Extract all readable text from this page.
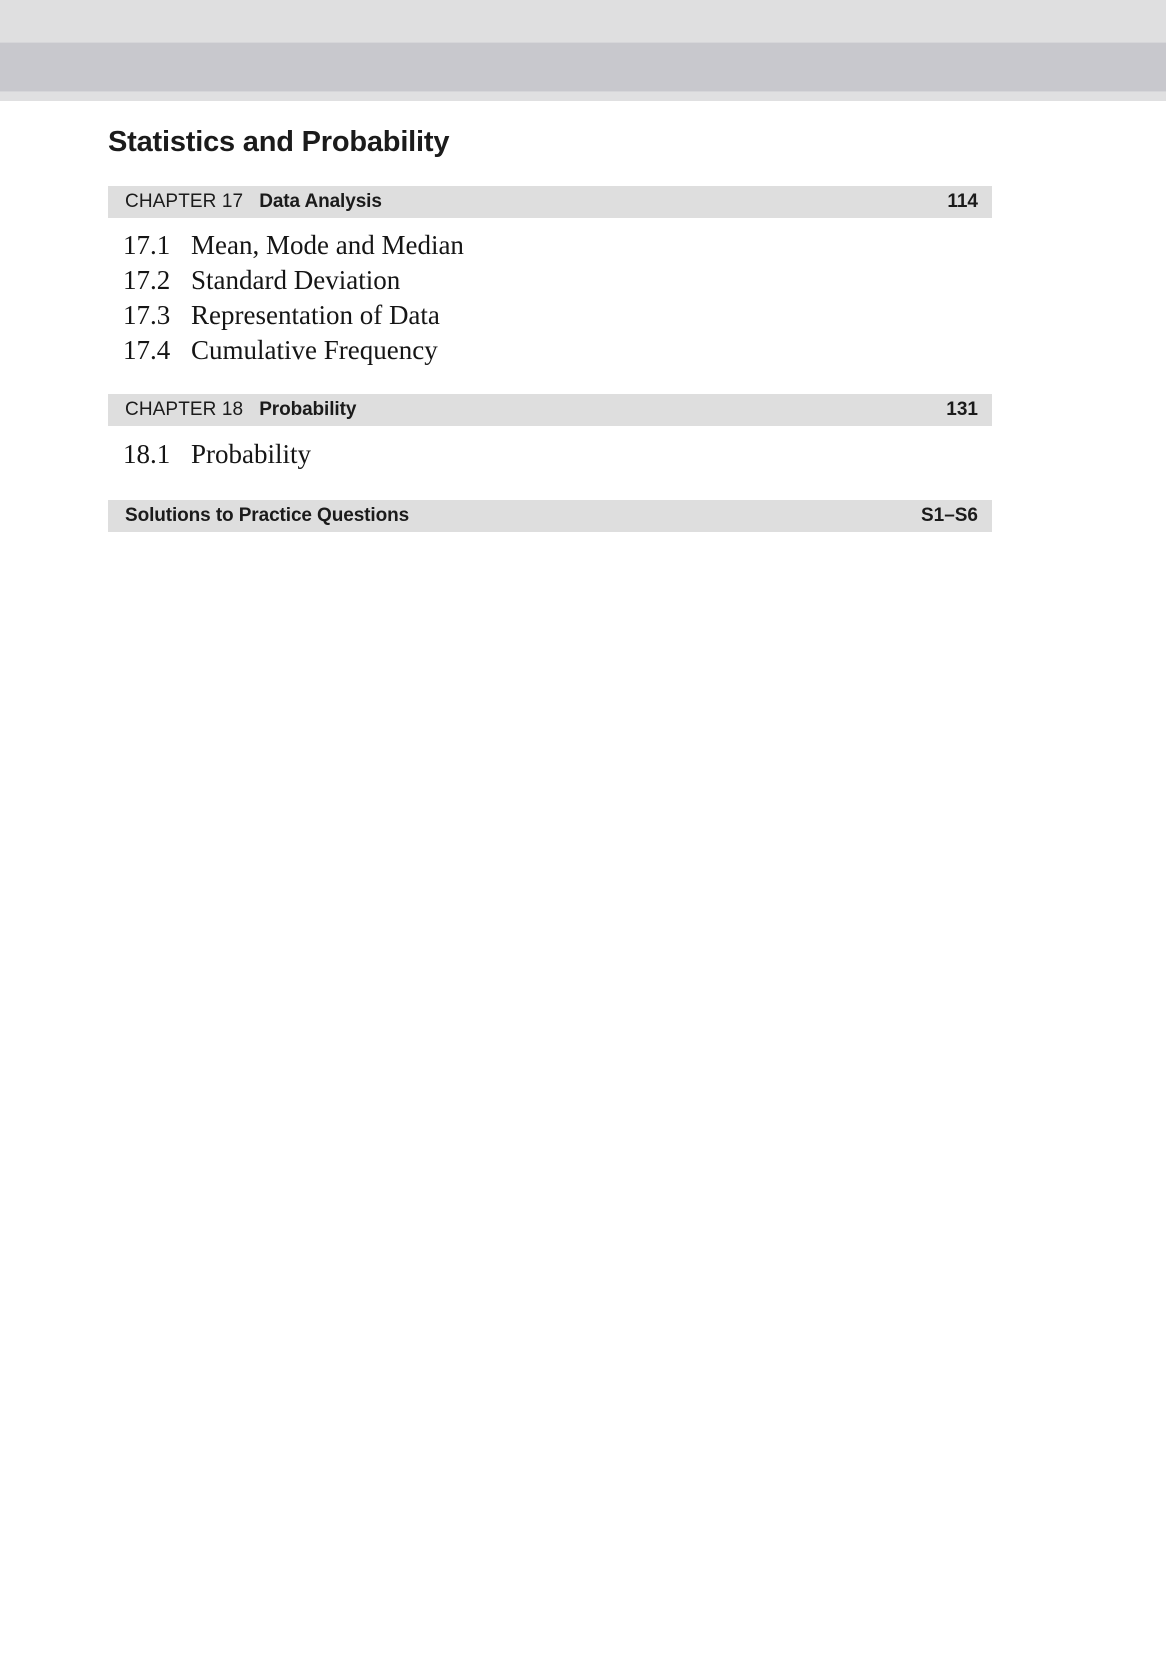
Statistics and Probability
CHAPTER 17 Data Analysis	114
17.1 Mean, Mode and Median
17.2 Standard Deviation
17.3 Representation of Data
17.4 Cumulative Frequency
CHAPTER 18 Probability	131
18.1 Probability
Solutions to Practice Questions	S1–S6
